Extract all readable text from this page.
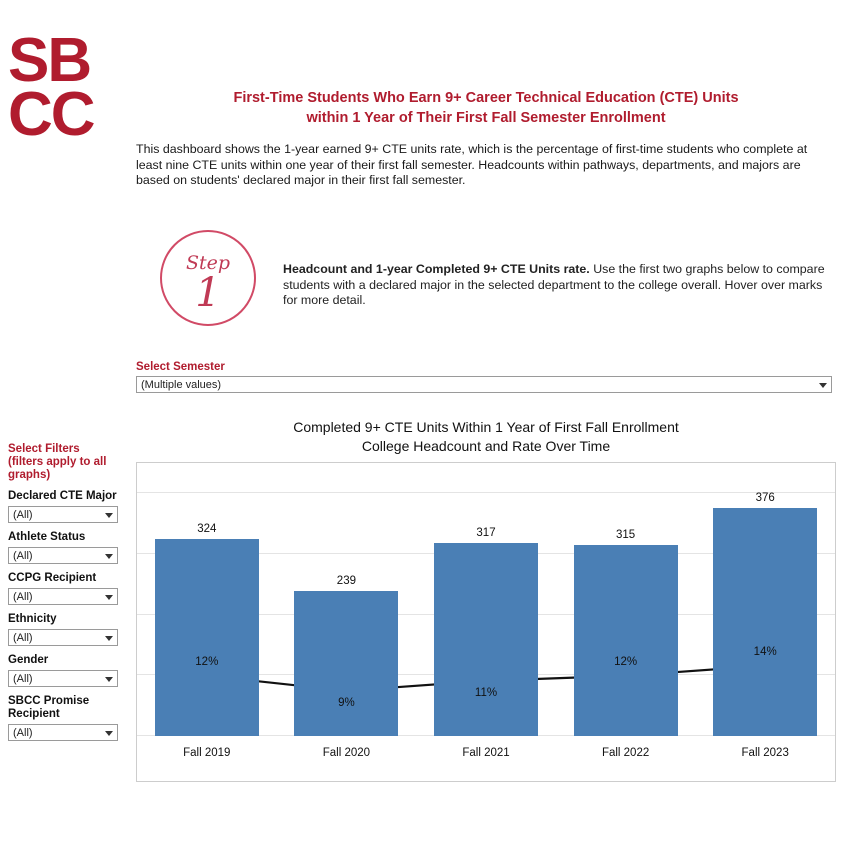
SB
CC	First-Time Students Who Earn 9+ Career Technical Education (CTE) Units
within 1 Year of Their First Fall Semester Enrollment
This dashboard shows the 1-year earned 9+ CTE units rate, which is the percentage of first-time students who complete at least nine CTE units within one year of their first fall semester. Headcounts within pathways, departments, and majors are based on students' declared major in their first fall semester.
Step
1
Headcount and 1-year Completed 9+ CTE Units rate. Use the first two graphs below to compare students with a declared major in the selected department to the college overall. Hover over marks for more detail.
Select Semester
(Multiple values)
Select Filters
(filters apply to all
graphs)
Declared CTE Major
(All)
Athlete Status
(All)
CCPG Recipient
(All)
Ethnicity
(All)
Gender
(All)
SBCC Promise Recipient
(All)
Completed 9+ CTE Units Within 1 Year of First Fall Enrollment
College Headcount and Rate Over Time
324
Fall 2019
239
Fall 2020
317
Fall 2021
315
Fall 2022
376
Fall 2023
12%
9%
11%
12%
14%
